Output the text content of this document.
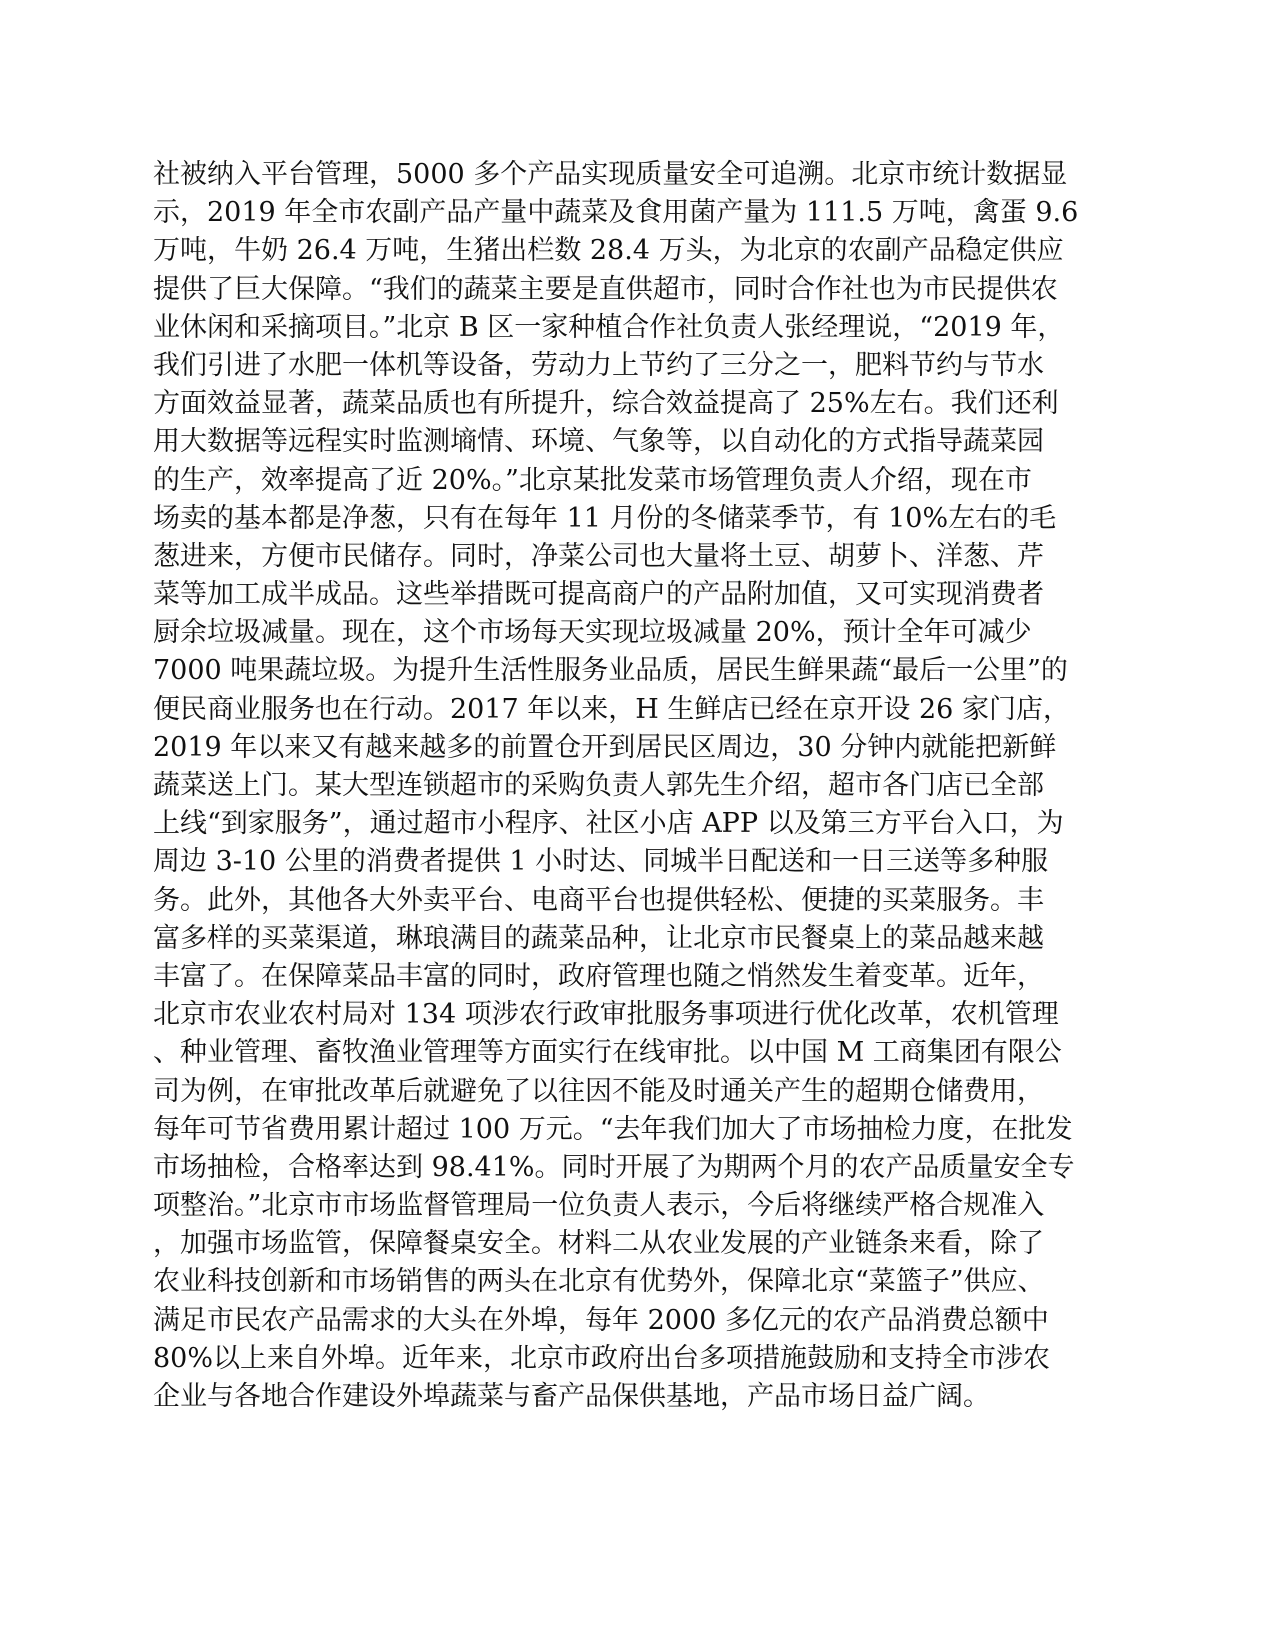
社被纳入平台管理，5000 多个产品实现质量安全可追溯。北京市统计数据显
示，2019 年全市农副产品产量中蔬菜及食用菌产量为 111.5 万吨，禽蛋 9.6
万吨，牛奶 26.4 万吨，生猪出栏数 28.4 万头，为北京的农副产品稳定供应
提供了巨大保障。“我们的蔬菜主要是直供超市，同时合作社也为市民提供农
业休闲和采摘项目。”北京 B 区一家种植合作社负责人张经理说，“2019 年，
我们引进了水肥一体机等设备，劳动力上节约了三分之一，肥料节约与节水
方面效益显著，蔬菜品质也有所提升，综合效益提高了 25%左右。我们还利
用大数据等远程实时监测墒情、环境、气象等，以自动化的方式指导蔬菜园
的生产，效率提高了近 20%。”北京某批发菜市场管理负责人介绍，现在市
场卖的基本都是净葱，只有在每年 11 月份的冬储菜季节，有 10%左右的毛
葱进来，方便市民储存。同时，净菜公司也大量将土豆、胡萝卜、洋葱、芹
菜等加工成半成品。这些举措既可提高商户的产品附加值，又可实现消费者
厨余垃圾减量。现在，这个市场每天实现垃圾减量 20%，预计全年可减少
7000 吨果蔬垃圾。为提升生活性服务业品质，居民生鲜果蔬“最后一公里”的
便民商业服务也在行动。2017 年以来，H 生鲜店已经在京开设 26 家门店，
2019 年以来又有越来越多的前置仓开到居民区周边，30 分钟内就能把新鲜
蔬菜送上门。某大型连锁超市的采购负责人郭先生介绍，超市各门店已全部
上线“到家服务”，通过超市小程序、社区小店 APP 以及第三方平台入口，为
周边 3-10 公里的消费者提供 1 小时达、同城半日配送和一日三送等多种服
务。此外，其他各大外卖平台、电商平台也提供轻松、便捷的买菜服务。丰
富多样的买菜渠道，琳琅满目的蔬菜品种，让北京市民餐桌上的菜品越来越
丰富了。在保障菜品丰富的同时，政府管理也随之悄然发生着变革。近年，
北京市农业农村局对 134 项涉农行政审批服务事项进行优化改革，农机管理
、种业管理、畜牧渔业管理等方面实行在线审批。以中国 M 工商集团有限公
司为例，在审批改革后就避免了以往因不能及时通关产生的超期仓储费用，
每年可节省费用累计超过 100 万元。“去年我们加大了市场抽检力度，在批发
市场抽检，合格率达到 98.41%。同时开展了为期两个月的农产品质量安全专
项整治。”北京市市场监督管理局一位负责人表示，今后将继续严格合规准入
，加强市场监管，保障餐桌安全。材料二从农业发展的产业链条来看，除了
农业科技创新和市场销售的两头在北京有优势外，保障北京“菜篮子”供应、
满足市民农产品需求的大头在外埠，每年 2000 多亿元的农产品消费总额中
80%以上来自外埠。近年来，北京市政府出台多项措施鼓励和支持全市涉农
企业与各地合作建设外埠蔬菜与畜产品保供基地，产品市场日益广阔。
